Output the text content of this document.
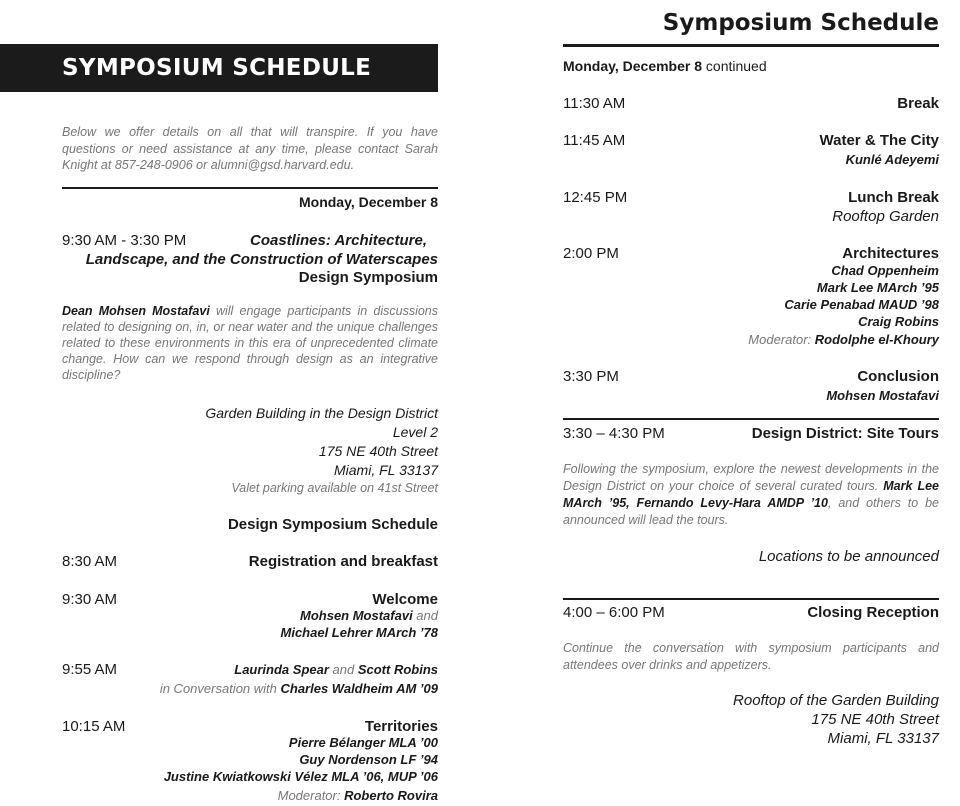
SYMPOSIUM SCHEDULE
Below we offer details on all that will transpire. If you have questions or need assistance at any time, please contact Sarah Knight at 857-248-0906 or alumni@gsd.harvard.edu.
Monday, December 8
9:30 AM - 3:30 PM	Coastlines: Architecture,
Landscape, and the Construction of Waterscapes
Design Symposium
Dean Mohsen Mostafavi will engage participants in discussions related to designing on, in, or near water and the unique challenges related to these environments in this era of unprecedented climate change. How can we respond through design as an integrative discipline?
Garden Building in the Design District
Level 2
175 NE 40th Street
Miami, FL 33137
Valet parking available on 41st Street
Design Symposium Schedule
8:30 AM	Registration and breakfast
9:30 AM	Welcome
Mohsen Mostafavi and
Michael Lehrer MArch ’78
9:55 AM	Laurinda Spear and Scott Robins
in Conversation with Charles Waldheim AM ’09
10:15 AM	Territories
Pierre Bélanger MLA ’00
Guy Nordenson LF ’94
Justine Kwiatkowski Vélez MLA ’06, MUP ’06
Moderator: Roberto Rovira
Symposium Schedule
Monday, December 8 continued
11:30 AM	Break
11:45 AM	Water & The City
Kunlé Adeyemi
12:45 PM	Lunch Break
Rooftop Garden
2:00 PM	Architectures
Chad Oppenheim
Mark Lee MArch ’95
Carie Penabad MAUD ’98
Craig Robins
Moderator: Rodolphe el-Khoury
3:30 PM	Conclusion
Mohsen Mostafavi
3:30 – 4:30 PM	Design District: Site Tours
Following the symposium, explore the newest developments in the Design District on your choice of several curated tours. Mark Lee MArch ’95, Fernando Levy-Hara AMDP ’10, and others to be announced will lead the tours.
Locations to be announced
4:00 – 6:00 PM	Closing Reception
Continue the conversation with symposium participants and attendees over drinks and appetizers.
Rooftop of the Garden Building
175 NE 40th Street
Miami, FL 33137
